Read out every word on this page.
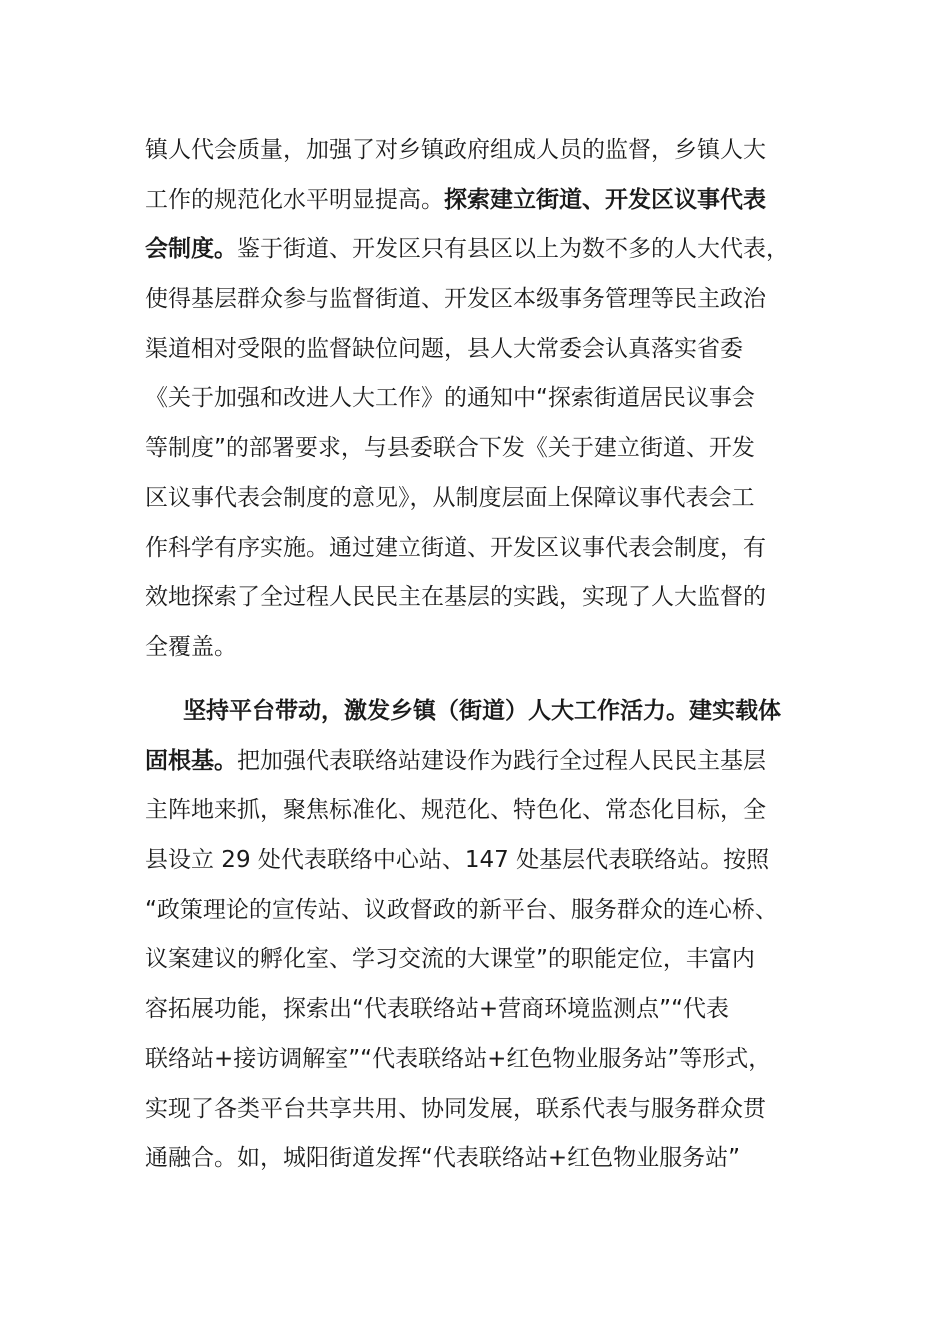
镇人代会质量，加强了对乡镇政府组成人员的监督，乡镇人大
工作的规范化水平明显提高。探索建立街道、开发区议事代表
会制度。鉴于街道、开发区只有县区以上为数不多的人大代表，
使得基层群众参与监督街道、开发区本级事务管理等民主政治
渠道相对受限的监督缺位问题，县人大常委会认真落实省委
《关于加强和改进人大工作》的通知中“探索街道居民议事会
等制度”的部署要求，与县委联合下发《关于建立街道、开发
区议事代表会制度的意见》，从制度层面上保障议事代表会工
作科学有序实施。通过建立街道、开发区议事代表会制度，有
效地探索了全过程人民民主在基层的实践，实现了人大监督的
全覆盖。
坚持平台带动，激发乡镇（街道）人大工作活力。建实载体
固根基。把加强代表联络站建设作为践行全过程人民民主基层
主阵地来抓，聚焦标准化、规范化、特色化、常态化目标，全
县设立 29 处代表联络中心站、147 处基层代表联络站。按照
“政策理论的宣传站、议政督政的新平台、服务群众的连心桥、
议案建议的孵化室、学习交流的大课堂”的职能定位，丰富内
容拓展功能，探索出“代表联络站+营商环境监测点”“代表
联络站+接访调解室”“代表联络站+红色物业服务站”等形式，
实现了各类平台共享共用、协同发展，联系代表与服务群众贯
通融合。如，城阳街道发挥“代表联络站+红色物业服务站”
